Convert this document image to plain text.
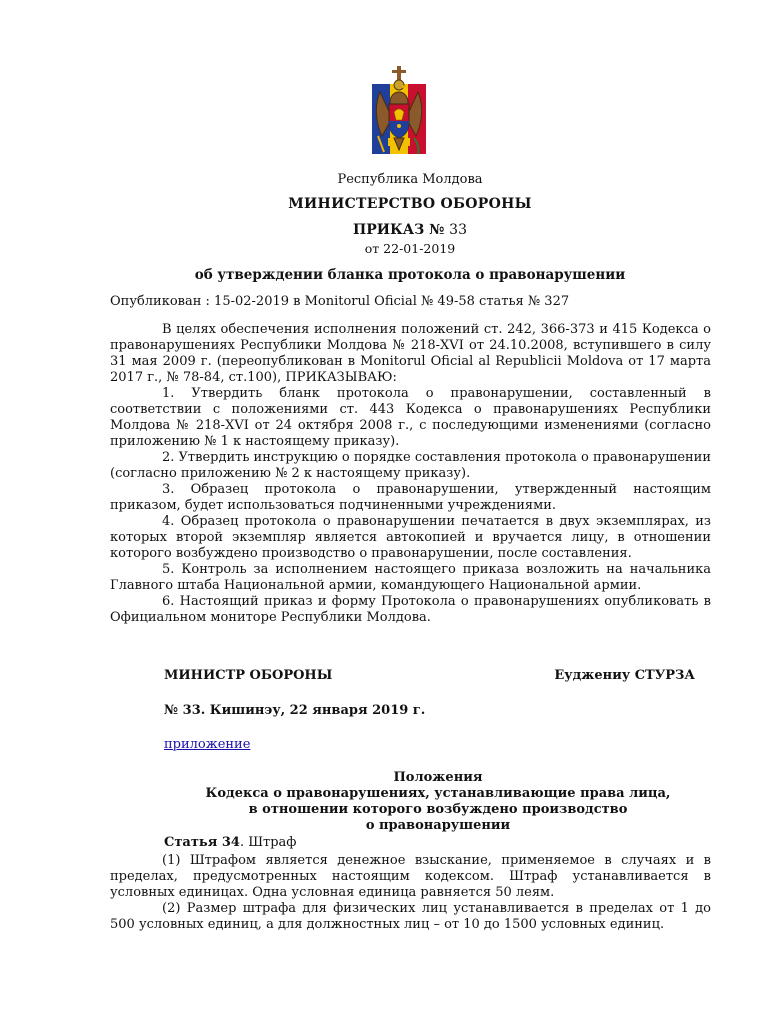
Республика Молдова
МИНИСТЕРСТВО ОБОРОНЫ
ПРИКАЗ № 33
от 22-01-2019
об утверждении бланка протокола о правонарушении
Опубликован : 15-02-2019 в Monitorul Oficial № 49-58 статья № 327

В целях обеспечения исполнения положений ст. 242, 366-373 и 415 Кодекса о правонарушениях Республики Молдова № 218-XVI от 24.10.2008, вступившего в силу 31 мая 2009 г. (переопубликован в Monitorul Oficial al Republicii Moldova от 17 марта 2017 г., № 78-84, ст.100), ПРИКАЗЫВАЮ:

1. Утвердить бланк протокола о правонарушении, составленный в соответствии с положениями ст. 443 Кодекса о правонарушениях Республики Молдова № 218-XVI от 24 октября 2008 г., с последующими изменениями (согласно приложению № 1 к настоящему приказу).

2. Утвердить инструкцию о порядке составления протокола о правонарушении (согласно приложению № 2 к настоящему приказу).

3. Образец протокола о правонарушении, утвержденный настоящим приказом, будет использоваться подчиненными учреждениями.

4. Образец протокола о правонарушении печатается в двух экземплярах, из которых второй экземпляр является автокопией и вручается лицу, в отношении которого возбуждено производство о правонарушении, после составления.

5. Контроль за исполнением настоящего приказа возложить на начальника Главного штаба Национальной армии, командующего Национальной армии.

6. Настоящий приказ и форму Протокола о правонарушениях опубликовать в Официальном мониторе Республики Молдова.

МИНИСТР ОБОРОНЫ	Еуджениу СТУРЗА
№ 33. Кишинэу, 22 января 2019 г.
приложение
Положения
Кодекса о правонарушениях, устанавливающие права лица,
в отношении которого возбуждено производство
о правонарушении
Статья 34. Штраф

(1) Штрафом является денежное взыскание, применяемое в случаях и в пределах, предусмотренных настоящим кодексом. Штраф устанавливается в условных единицах. Одна условная единица равняется 50 леям.

(2) Размер штрафа для физических лиц устанавливается в пределах от 1 до 500 условных единиц, а для должностных лиц – от 10 до 1500 условных единиц.
